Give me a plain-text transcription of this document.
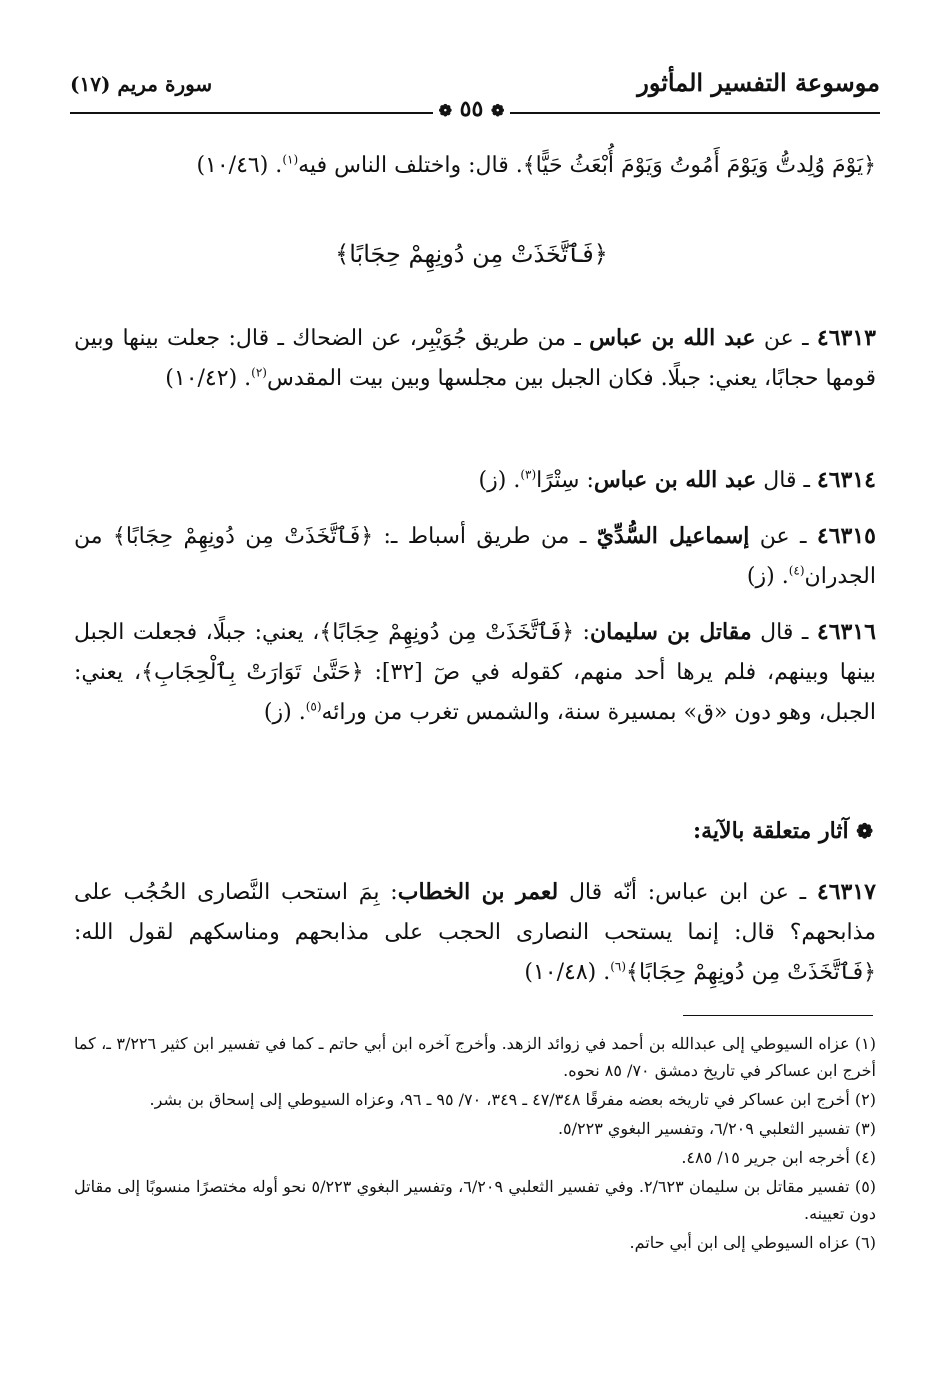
موسوعة التفسير المأثور
سورة مريم (١٧)
❁ ٥٥ ❁

﴿يَوْمَ وُلِدتُّ وَيَوْمَ أَمُوتُ وَيَوْمَ أُبْعَثُ حَيًّا﴾. قال: واختلف الناس فيه$^{(١)}$. (١٠/٤٦)

﴿فَٱتَّخَذَتْ مِن دُونِهِمْ حِجَابًا﴾

٤٦٣١٣ ـ عن عبد الله بن عباس ـ من طريق جُوَيْبِر، عن الضحاك ـ قال: جعلت بينها وبين قومها حجابًا، يعني: جبلًا. فكان الجبل بين مجلسها وبين بيت المقدس$^{(٢)}$. (١٠/٤٢)

٤٦٣١٤ ـ قال عبد الله بن عباس: سِتْرًا$^{(٣)}$. (ز)

٤٦٣١٥ ـ عن إسماعيل السُّدِّيّ ـ من طريق أسباط ـ: ﴿فَٱتَّخَذَتْ مِن دُونِهِمْ حِجَابًا﴾ من الجدران$^{(٤)}$. (ز)

٤٦٣١٦ ـ قال مقاتل بن سليمان: ﴿فَٱتَّخَذَتْ مِن دُونِهِمْ حِجَابًا﴾، يعني: جبلًا، فجعلت الجبل بينها وبينهم، فلم يرها أحد منهم، كقوله في صٓ [٣٢]: ﴿حَتَّىٰ تَوَارَتْ بِٱلْحِجَابِ﴾، يعني: الجبل، وهو دون «ق» بمسيرة سنة، والشمس تغرب من ورائه$^{(٥)}$. (ز)

❁ آثار متعلقة بالآية:

٤٦٣١٧ ـ عن ابن عباس: أنّه قال لعمر بن الخطاب: بِمَ استحب النَّصارى الحُجُب على مذابحهم؟ قال: إنما يستحب النصارى الحجب على مذابحهم ومناسكهم لقول الله: ﴿فَٱتَّخَذَتْ مِن دُونِهِمْ حِجَابًا﴾$^{(٦)}$. (١٠/٤٨)

(١) عزاه السيوطي إلى عبدالله بن أحمد في زوائد الزهد. وأخرج آخره ابن أبي حاتم ـ كما في تفسير ابن كثير ٣/٢٢٦ ـ، كما أخرج ابن عساكر في تاريخ دمشق ٧٠/ ٨٥ نحوه.

(٢) أخرج ابن عساكر في تاريخه بعضه مفرقًا ٤٧/٣٤٨ ـ ٣٤٩، ٧٠/ ٩٥ ـ ٩٦، وعزاه السيوطي إلى إسحاق بن بشر.

(٣) تفسير الثعلبي ٦/٢٠٩، وتفسير البغوي ٥/٢٢٣.

(٤) أخرجه ابن جرير ١٥/ ٤٨٥.

(٥) تفسير مقاتل بن سليمان ٢/٦٢٣. وفي تفسير الثعلبي ٦/٢٠٩، وتفسير البغوي ٥/٢٢٣ نحو أوله مختصرًا منسوبًا إلى مقاتل دون تعيينه.

(٦) عزاه السيوطي إلى ابن أبي حاتم.
